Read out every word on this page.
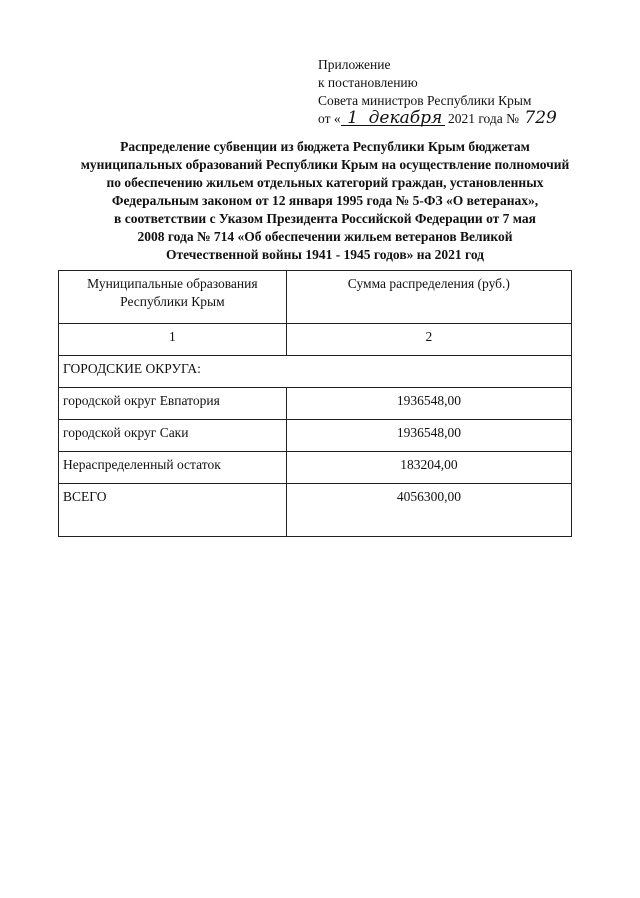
Приложение
к постановлению
Совета министров Республики Крым
от « 1 декабря 2021 года № 729
Распределение субвенции из бюджета Республики Крым бюджетам
муниципальных образований Республики Крым на осуществление полномочий
по обеспечению жильем отдельных категорий граждан, установленных
Федеральным законом от 12 января 1995 года № 5-ФЗ «О ветеранах»,
в соответствии с Указом Президента Российской Федерации от 7 мая
2008 года № 714 «Об обеспечении жильем ветеранов Великой
Отечественной войны 1941 - 1945 годов» на 2021 год
Муниципальные образования Республики Крым	Сумма распределения (руб.)
1	2
ГОРОДСКИЕ ОКРУГА:	
городской округ Евпатория	1936548,00
городской округ Саки	1936548,00
Нераспределенный остаток	183204,00
ВСЕГО	4056300,00
